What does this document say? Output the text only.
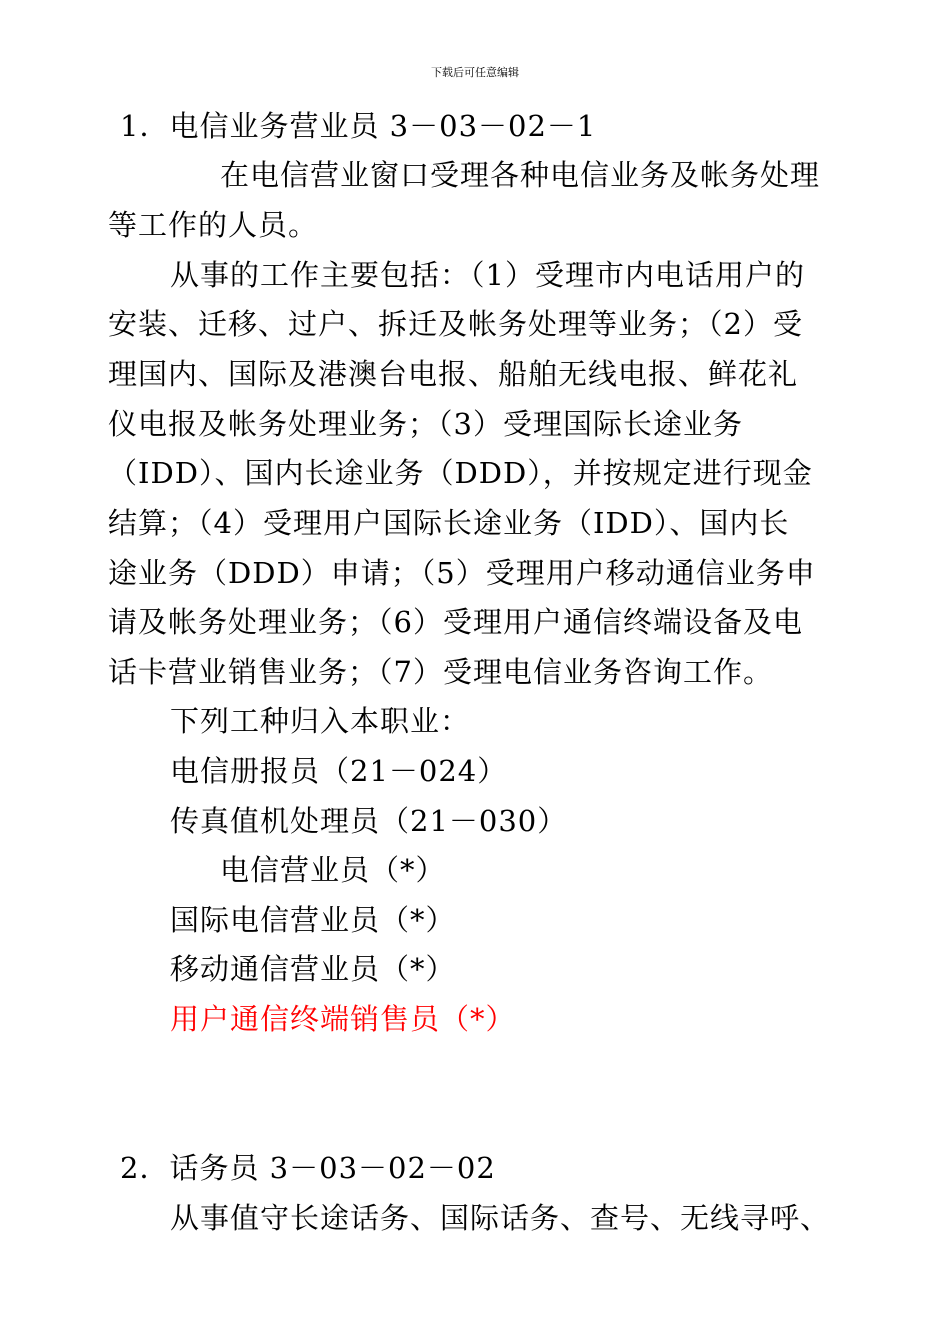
下载后可任意编辑
1．电信业务营业员 3－03－02－1
在电信营业窗口受理各种电信业务及帐务处理
等工作的人员。
从事的工作主要包括：（1）受理市内电话用户的
安装、迁移、过户、拆迁及帐务处理等业务；（2）受
理国内、国际及港澳台电报、船舶无线电报、鲜花礼
仪电报及帐务处理业务；（3）受理国际长途业务
（IDD）、国内长途业务（DDD），并按规定进行现金
结算；（4）受理用户国际长途业务（IDD）、国内长
途业务（DDD）申请；（5）受理用户移动通信业务申
请及帐务处理业务；（6）受理用户通信终端设备及电
话卡营业销售业务；（7）受理电信业务咨询工作。
下列工种归入本职业：
电信册报员（21－024）
传真值机处理员（21－030）
电信营业员（*）
国际电信营业员（*）
移动通信营业员（*）
用户通信终端销售员（*）
2．话务员 3－03－02－02
从事值守长途话务、国际话务、查号、无线寻呼、
